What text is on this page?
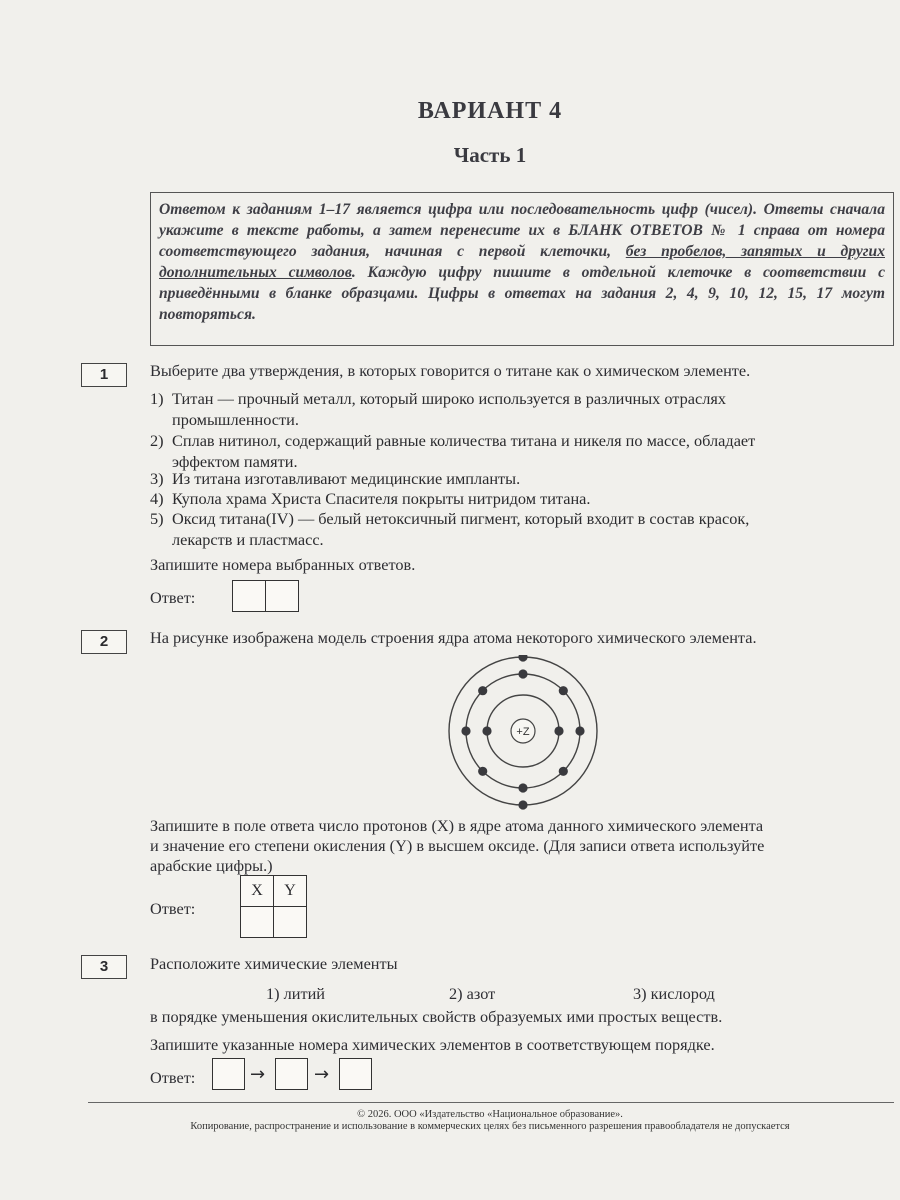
ВАРИАНТ 4
Часть 1
Ответом к заданиям 1–17 является цифра или последовательность цифр (чисел). Ответы сначала укажите в тексте работы, а затем перенесите их в БЛАНК ОТВЕТОВ № 1 справа от номера соответствующего задания, начиная с первой клеточки, без пробелов, запятых и других дополнительных символов. Каждую цифру пишите в отдельной клеточке в соответствии с приведёнными в бланке образцами. Цифры в ответах на задания 2, 4, 9, 10, 12, 15, 17 могут повторяться.
1	Выберите два утверждения, в которых говорится о титане как о химическом элементе.
1) Титан — прочный металл, который широко используется в различных отраслях
промышленности.
2) Сплав нитинол, содержащий равные количества титана и никеля по массе, обладает
эффектом памяти.
3) Из титана изготавливают медицинские импланты.
4) Купола храма Христа Спасителя покрыты нитридом титана.
5) Оксид титана(IV) — белый нетоксичный пигмент, который входит в состав красок,
лекарств и пластмасс.
Запишите номера выбранных ответов.
Ответ:
2	На рисунке изображена модель строения ядра атома некоторого химического элемента.
+Z
Запишите в поле ответа число протонов (X) в ядре атома данного химического элемента
и значение его степени окисления (Y) в высшем оксиде. (Для записи ответа используйте
арабские цифры.)
Ответ:
X	Y
3	Расположите химические элементы
1) литий	2) азот	3) кислород
в порядке уменьшения окислительных свойств образуемых ими простых веществ.
Запишите указанные номера химических элементов в соответствующем порядке.
Ответ:	→	→
© 2026. ООО «Издательство «Национальное образование».
Копирование, распространение и использование в коммерческих целях без письменного разрешения правообладателя не допускается
